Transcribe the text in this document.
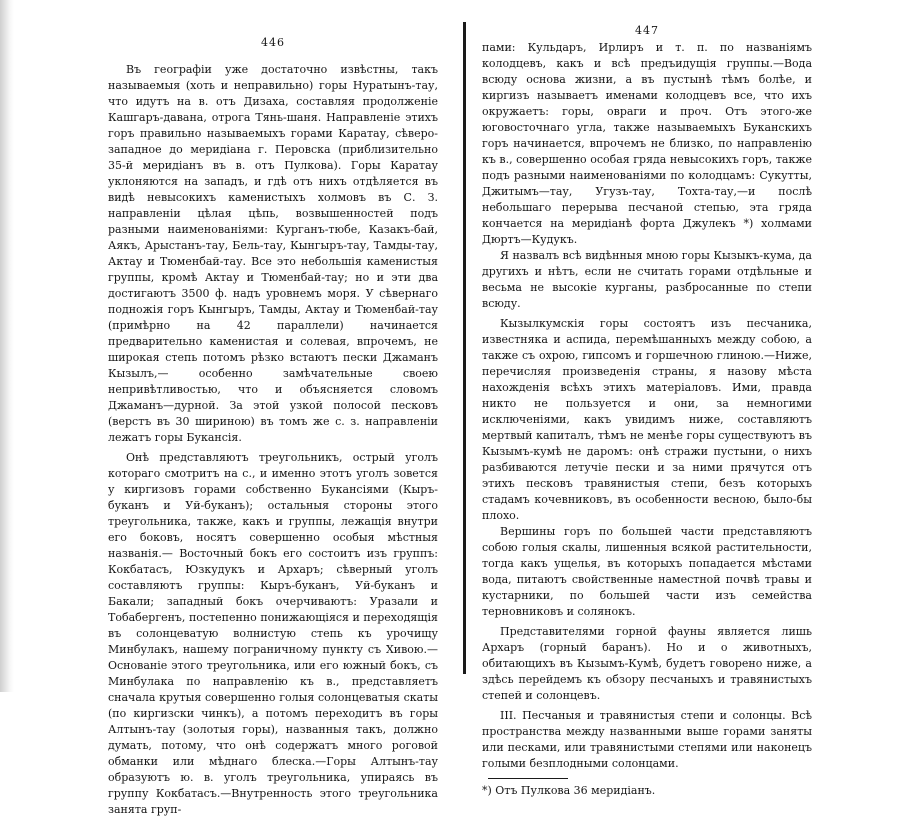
446

Въ географіи уже достаточно извѣстны, такъ называемыя (хоть и неправильно) горы Нуратынъ-тау, что идутъ на в. отъ Дизаха, составляя продолженіе Кашгаръ-давана, отрога Тянь-шаня. Направленіе этихъ горъ правильно называемыхъ горами Каратау, сѣверо-западное до меридіана г. Перовска (приблизительно 35-й меридіанъ въ в. отъ Пулкова). Горы Каратау уклоняются на западъ, и гдѣ отъ нихъ отдѣляется въ видѣ невысокихъ каменистыхъ холмовъ въ С. З. направленіи цѣлая цѣпь, возвышенностей подъ разными наименованіями: Курганъ-тюбе, Казакъ-бай, Аякъ, Арыстанъ-тау, Бель-тау, Кынгыръ-тау, Тамды-тау, Актау и Тюменбай-тау. Все это небольшія каменистыя группы, кромѣ Актау и Тюменбай-тау; но и эти два достигаютъ 3500 ф. надъ уровнемъ моря. У сѣвернаго подножія горъ Кынгыръ, Тамды, Актау и Тюменбай-тау (примѣрно на 42 параллели) начинается предварительно каменистая и солевая, впрочемъ, не широкая степь потомъ рѣзко встаютъ пески Джаманъ Кызылъ,— особенно замѣчательные своею непривѣтливостью, что и объясняется словомъ Джаманъ—дурной. За этой узкой полосой песковъ (верстъ въ 30 шириною) въ томъ же с. з. направленіи лежатъ горы Букансія.

Онѣ представляютъ треугольникъ, острый уголъ котораго смотритъ на с., и именно этотъ уголъ зовется у киргизовъ горами собственно Букансіями (Кыръ-буканъ и Уй-буканъ); остальныя стороны этого треугольника, также, какъ и группы, лежащія внутри его боковъ, носятъ совершенно особыя мѣстныя названія.— Восточный бокъ его состоитъ изъ группъ: Кокбатасъ, Юзкудукъ и Архаръ; сѣверный уголъ составляютъ группы: Кыръ-буканъ, Уй-буканъ и Бакали; западный бокъ очерчиваютъ: Уразали и Тобабергенъ, постепенно понижающіяся и переходящія въ солонцеватую волнистую степь къ урочищу Минбулакъ, нашему пограничному пункту съ Хивою.—Основаніе этого треугольника, или его южный бокъ, съ Минбулака по направленію къ в., представляетъ сначала крутыя совершенно голыя солонцеватыя скаты (по киргизски чинкъ), а потомъ переходитъ въ горы Алтынъ-тау (золотыя горы), названныя такъ, должно думать, потому, что онѣ содержатъ много роговой обманки или мѣднаго блеска.—Горы Алтынъ-тау образуютъ ю. в. уголъ треугольника, упираясь въ группу Кокбатасъ.—Внутренность этого треугольника занята груп-

447

пами: Кульдаръ, Ирлиръ и т. п. по названіямъ колодцевъ, какъ и всѣ предъидущія группы.—Вода всюду основа жизни, а въ пустынѣ тѣмъ болѣе, и киргизъ называетъ именами колодцевъ все, что ихъ окружаетъ: горы, овраги и проч. Отъ этого-же юговосточнаго угла, также называемыхъ Буканскихъ горъ начинается, впрочемъ не близко, по направленію къ в., совершенно особая гряда невысокихъ горъ, также подъ разными наименованіями по колодцамъ: Сукутты, Джитымъ—тау, Угузъ-тау, Тохта-тау,—и послѣ небольшаго перерыва песчаной степью, эта гряда кончается на меридіанѣ форта Джулекъ *) холмами Дюртъ—Кудукъ.

Я назвалъ всѣ видѣнныя мною горы Кызыкъ-кума, да другихъ и нѣтъ, если не считать горами отдѣльные и весьма не высокіе курганы, разбросанные по степи всюду.

Кызылкумскія горы состоятъ изъ песчаника, известняка и аспида, перемѣшанныхъ между собою, а также съ охрою, гипсомъ и горшечною глиною.—Ниже, перечисляя произведенія страны, я назову мѣста нахожденія всѣхъ этихъ матеріаловъ. Ими, правда никто не пользуется и они, за немногими исключеніями, какъ увидимъ ниже, составляютъ мертвый капиталъ, тѣмъ не менѣе горы существуютъ въ Кызымъ-кумѣ не даромъ: онѣ стражи пустыни, о нихъ разбиваются летучіе пески и за ними прячутся отъ этихъ песковъ травянистыя степи, безъ которыхъ стадамъ кочевниковъ, въ особенности весною, было-бы плохо.

Вершины горъ по большей части представляютъ собою голыя скалы, лишенныя всякой растительности, тогда какъ ущелья, въ которыхъ попадается мѣстами вода, питаютъ свойственные наместной почвѣ травы и кустарники, по большей части изъ семейства терновниковъ и солянокъ.

Представителями горной фауны является лишь Архаръ (горный баранъ). Но и о животныхъ, обитающихъ въ Кызымъ-Кумѣ, будетъ говорено ниже, а здѣсь перейдемъ къ обзору песчаныхъ и травянистыхъ степей и солонцевъ.

III. Песчаныя и травянистыя степи и солонцы. Всѣ пространства между названными выше горами заняты или песками, или травянистыми степями или наконецъ голыми безплодными солонцами.

*) Отъ Пулкова 36 меридіанъ.
